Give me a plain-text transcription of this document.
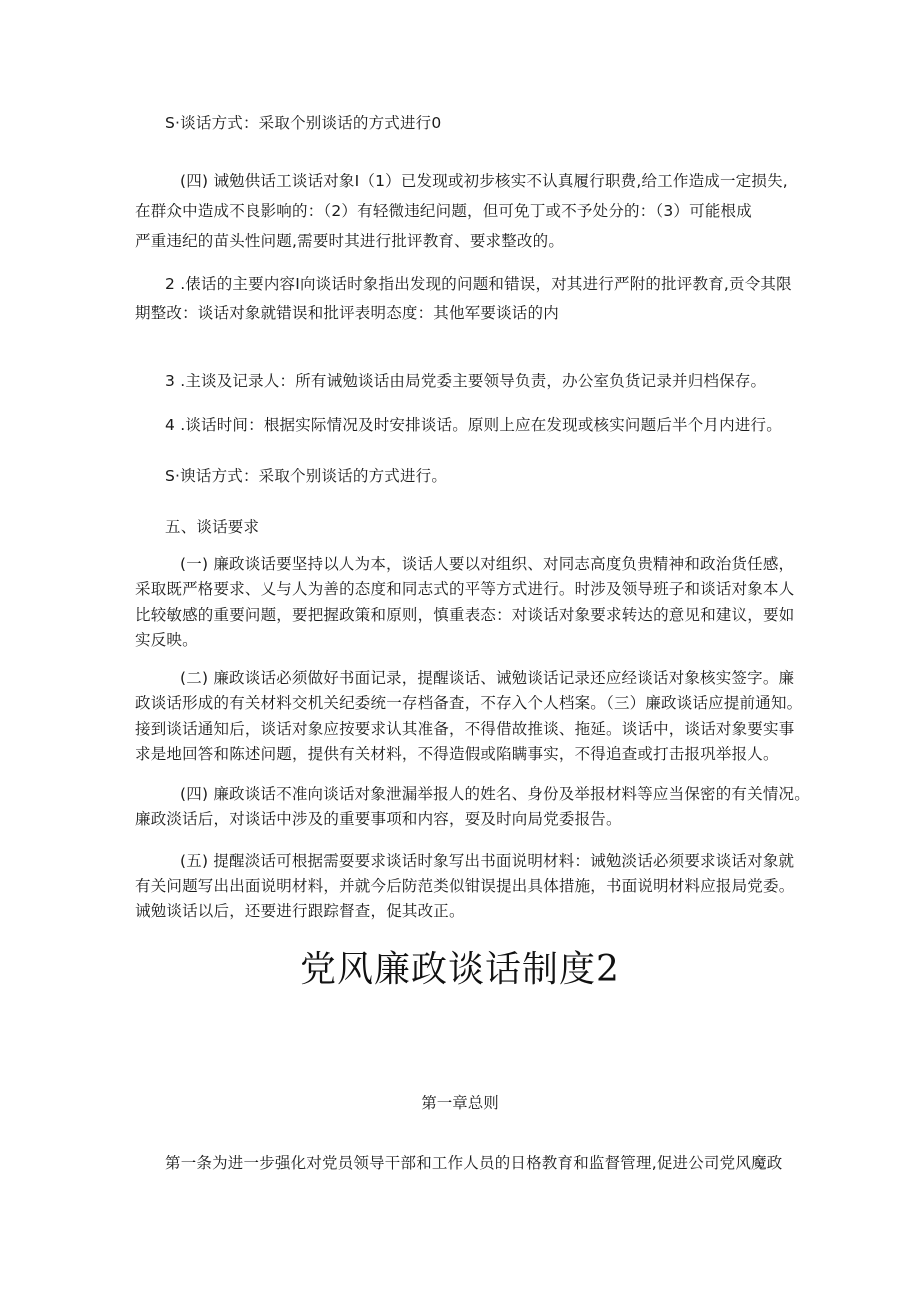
S·谈话方式：采取个别谈话的方式进行0
(四) 诫勉供话工谈话对象I（1）已发现或初步核实不认真履行职费,给工作造成一定损失,
在群众中造成不良影响的：（2）有轻微违纪问题，但可免丁或不予处分的：（3）可能根成
严重违纪的苗头性问题,需要时其进行批评教育、要求整改的。
2 .俵话的主要内容I向谈话时象指出发现的问题和错误，对其进行严附的批评教育,贡令其限
期整改：谈话对象就错误和批评表明态度：其他军要谈话的内
3 .主谈及记录人：所有诫勉谈话由局党委主要领导负责，办公室负货记录并归档保存。
4 .谈话时间：根据实际情况及时安排谈话。原则上应在发现或核实问题后半个月内进行。
S·谀话方式：采取个别谈话的方式进行。
五、谈话要求
(一) 廉政谈话要坚持以人为本，谈话人要以对组织、对同志高度负贵精神和政治货任感，
采取既严格要求、乂与人为善的态度和同志式的平等方式进行。时涉及领导班子和谈话对象本人
比较敏感的重要问题，要把握政策和原则，慎重表态：对谈话对象要求转达的意见和建议，要如
实反映。
(二) 廉政谈话必须做好书面记录，提醒谈话、诫勉谈话记录还应经谈话对象核实签字。廉
政谈话形成的有关材料交机关纪委统一存档备査，不存入个人档案。（三）廉政谈话应提前通知。
接到谈话通知后，谈话对象应按要求认其准备，不得借故推谈、拖延。谈话中，谈话对象要实事
求是地回答和陈述问题，提供有关材料，不得造假或陷瞒事实，不得追查或打击报巩举报人。
(四) 廉政谈话不准向谈话对象泄漏举报人的姓名、身份及举报材料等应当保密的有关情况。
廉政淡话后，对谈话中涉及的重要事项和内容，耍及时向局党委报告。
(五) 提醒淡话可根据需耍要求谈话时象写出书面说明材料：诫勉淡话必须要求谈话对象就
有关问题写出出面说明材料，并就今后防范类似钳误提出具体措施，书面说明材料应报局党委。
诫勉谈话以后，还要进行跟踪督查，促其改正。
党风廉政谈话制度2
第一章总则
第一条为进一步强化对党员领导干部和工作人员的日格教育和监督管理,促进公司党风魔政
